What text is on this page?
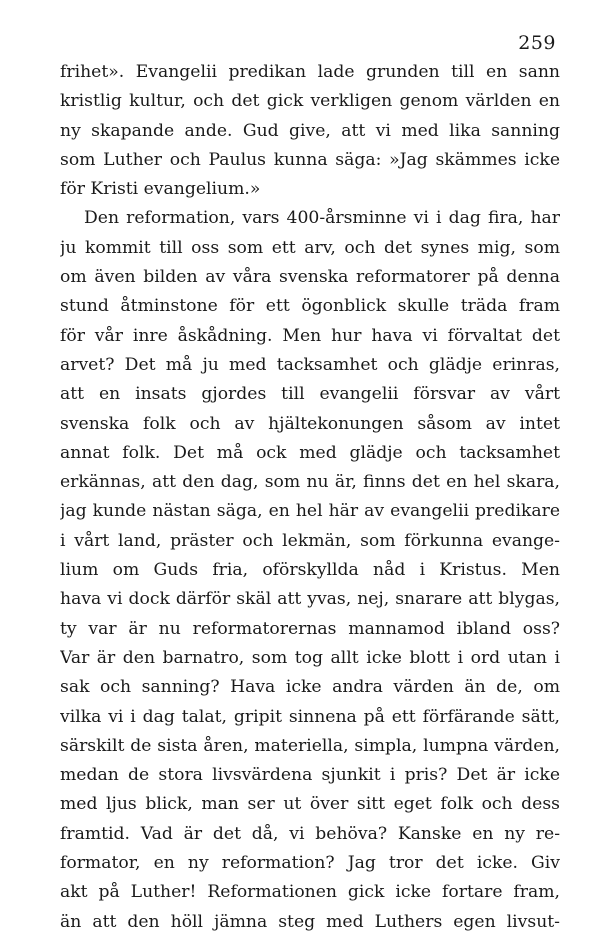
259

frihet». Evangelii predikan lade grunden till en sann
kristlig kultur, och det gick verkligen genom världen en
ny skapande ande. Gud give, att vi med lika sanning
som Luther och Paulus kunna säga: »Jag skämmes icke
för Kristi evangelium.»
Den reformation, vars 400-årsminne vi i dag fira, har
ju kommit till oss som ett arv, och det synes mig, som
om även bilden av våra svenska reformatorer på denna
stund åtminstone för ett ögonblick skulle träda fram
för vår inre åskådning. Men hur hava vi förvaltat det
arvet? Det må ju med tacksamhet och glädje erinras,
att en insats gjordes till evangelii försvar av vårt
svenska folk och av hjältekonungen såsom av intet
annat folk. Det må ock med glädje och tacksamhet
erkännas, att den dag, som nu är, finns det en hel skara,
jag kunde nästan säga, en hel här av evangelii predikare
i vårt land, präster och lekmän, som förkunna evange-
lium om Guds fria, oförskyllda nåd i Kristus. Men
hava vi dock därför skäl att yvas, nej, snarare att blygas,
ty var är nu reformatorernas mannamod ibland oss?
Var är den barnatro, som tog allt icke blott i ord utan i
sak och sanning? Hava icke andra värden än de, om
vilka vi i dag talat, gripit sinnena på ett förfärande sätt,
särskilt de sista åren, materiella, simpla, lumpna värden,
medan de stora livsvärdena sjunkit i pris? Det är icke
med ljus blick, man ser ut över sitt eget folk och dess
framtid. Vad är det då, vi behöva? Kanske en ny re-
formator, en ny reformation? Jag tror det icke. Giv
akt på Luther! Reformationen gick icke fortare fram,
än att den höll jämna steg med Luthers egen livsut-
